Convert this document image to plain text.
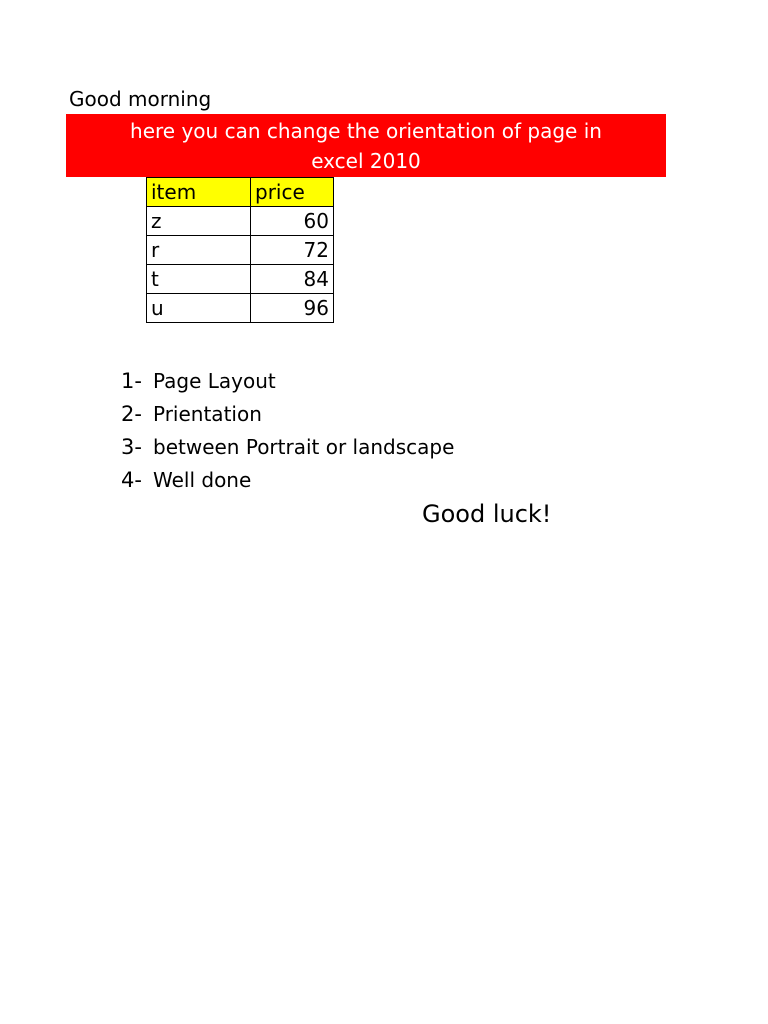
Good morning
here you can change the orientation of page in
excel 2010
item	price
z	60
r	72
t	84
u	96
1- Page Layout
2- Prientation
3- between Portrait or landscape
4- Well done
Good luck!
